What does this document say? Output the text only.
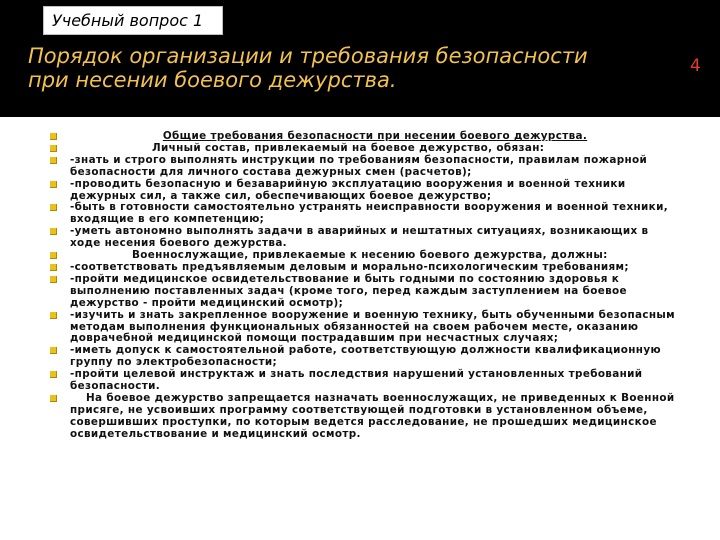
Учебный вопрос 1
Порядок организации и требования безопасности
при несении боевого дежурства.
4
Общие требования безопасности при несении боевого дежурства.
Личный состав, привлекаемый на боевое дежурство, обязан:
-знать и строго выполнять инструкции по требованиям безопасности, правилам пожарной безопасности для личного состава дежурных смен (расчетов);
-проводить безопасную и безаварийную эксплуатацию вооружения и военной техники дежурных сил, а также сил, обеспечивающих боевое дежурство;
-быть в готовности самостоятельно устранять неисправности вооружения и военной техники, входящие в его компетенцию;
-уметь автономно выполнять задачи в аварийных и нештатных ситуациях, возникающих в ходе несения боевого дежурства.
Военнослужащие, привлекаемые к несению боевого дежурства, должны:
-соответствовать предъявляемым деловым и морально-психологическим требованиям;
-пройти медицинское освидетельствование и быть годными по состоянию здоровья к выполнению поставленных задач (кроме того, перед каждым заступлением на боевое дежурство - пройти медицинский осмотр);
-изучить и знать закрепленное вооружение и военную технику, быть обученными безопасным методам выполнения функциональных обязанностей на своем рабочем месте, оказанию доврачебной медицинской помощи пострадавшим при несчастных случаях;
-иметь допуск к самостоятельной работе, соответствующую должности квалификационную группу по электробезопасности;
-пройти целевой инструктаж и знать последствия нарушений установленных требований безопасности.
На боевое дежурство запрещается назначать военнослужащих, не приведенных к Военной присяге, не усвоивших программу соответствующей подготовки в установленном объеме, совершивших проступки, по которым ведется расследование, не прошедших медицинское освидетельствование и медицинский осмотр.
